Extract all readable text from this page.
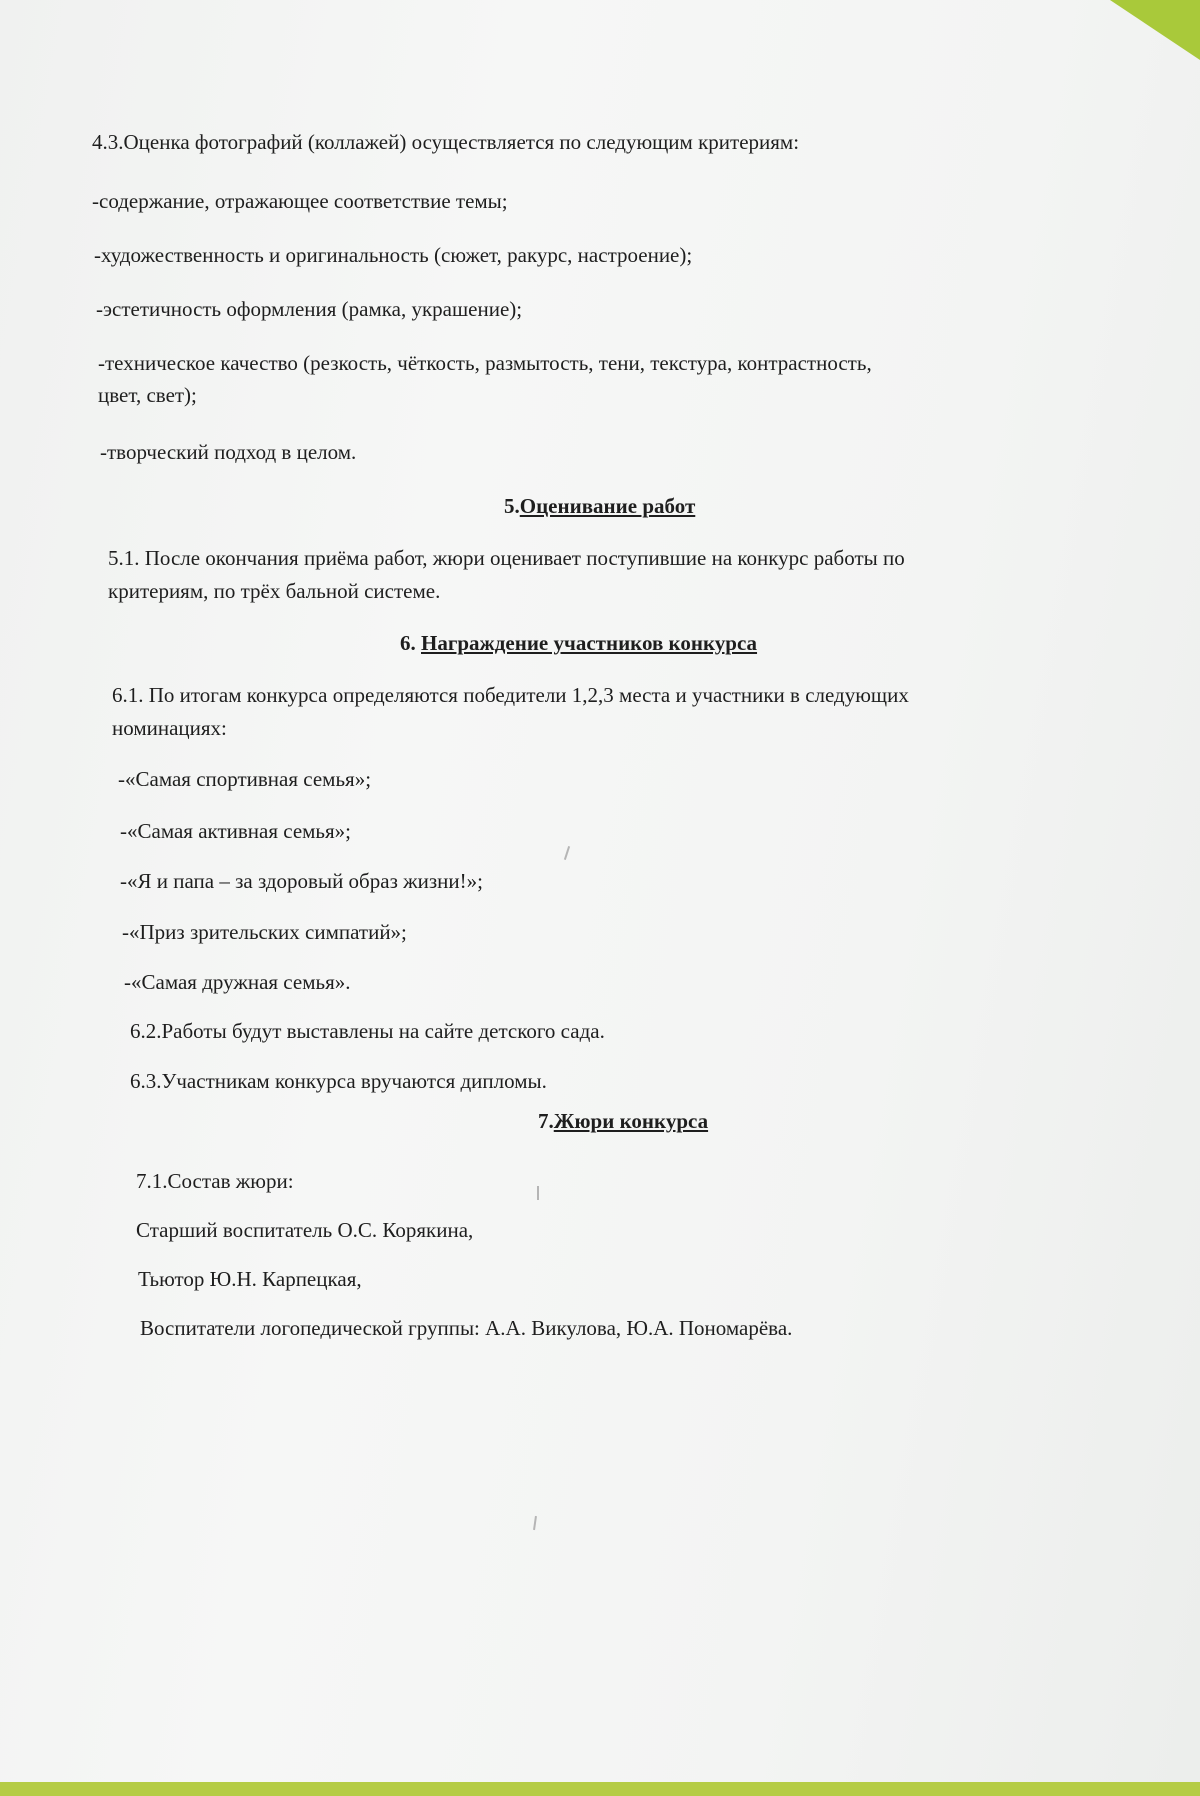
4.3.Оценка фотографий (коллажей) осуществляется по следующим критериям:

-содержание, отражающее соответствие темы;

-художественность и оригинальность (сюжет, ракурс, настроение);

-эстетичность оформления (рамка, украшение);

-техническое качество (резкость, чёткость, размытость, тени, текстура, контрастность,

цвет, свет);

-творческий подход в целом.

5.Оценивание работ

5.1. После окончания приёма работ, жюри оценивает поступившие на конкурс работы по

критериям, по трёх бальной системе.

6. Награждение участников конкурса

6.1. По итогам конкурса определяются победители 1,2,3 места и участники в следующих

номинациях:

-«Самая спортивная семья»;

-«Самая активная семья»;

-«Я и папа – за здоровый образ жизни!»;

-«Приз зрительских симпатий»;

-«Самая дружная семья».

6.2.Работы будут выставлены на сайте детского сада.

6.3.Участникам конкурса вручаются дипломы.

7.Жюри конкурса

7.1.Состав жюри:

Старший воспитатель О.С. Корякина,

Тьютор Ю.Н. Карпецкая,

Воспитатели логопедической группы: А.А. Викулова, Ю.А. Пономарёва.
